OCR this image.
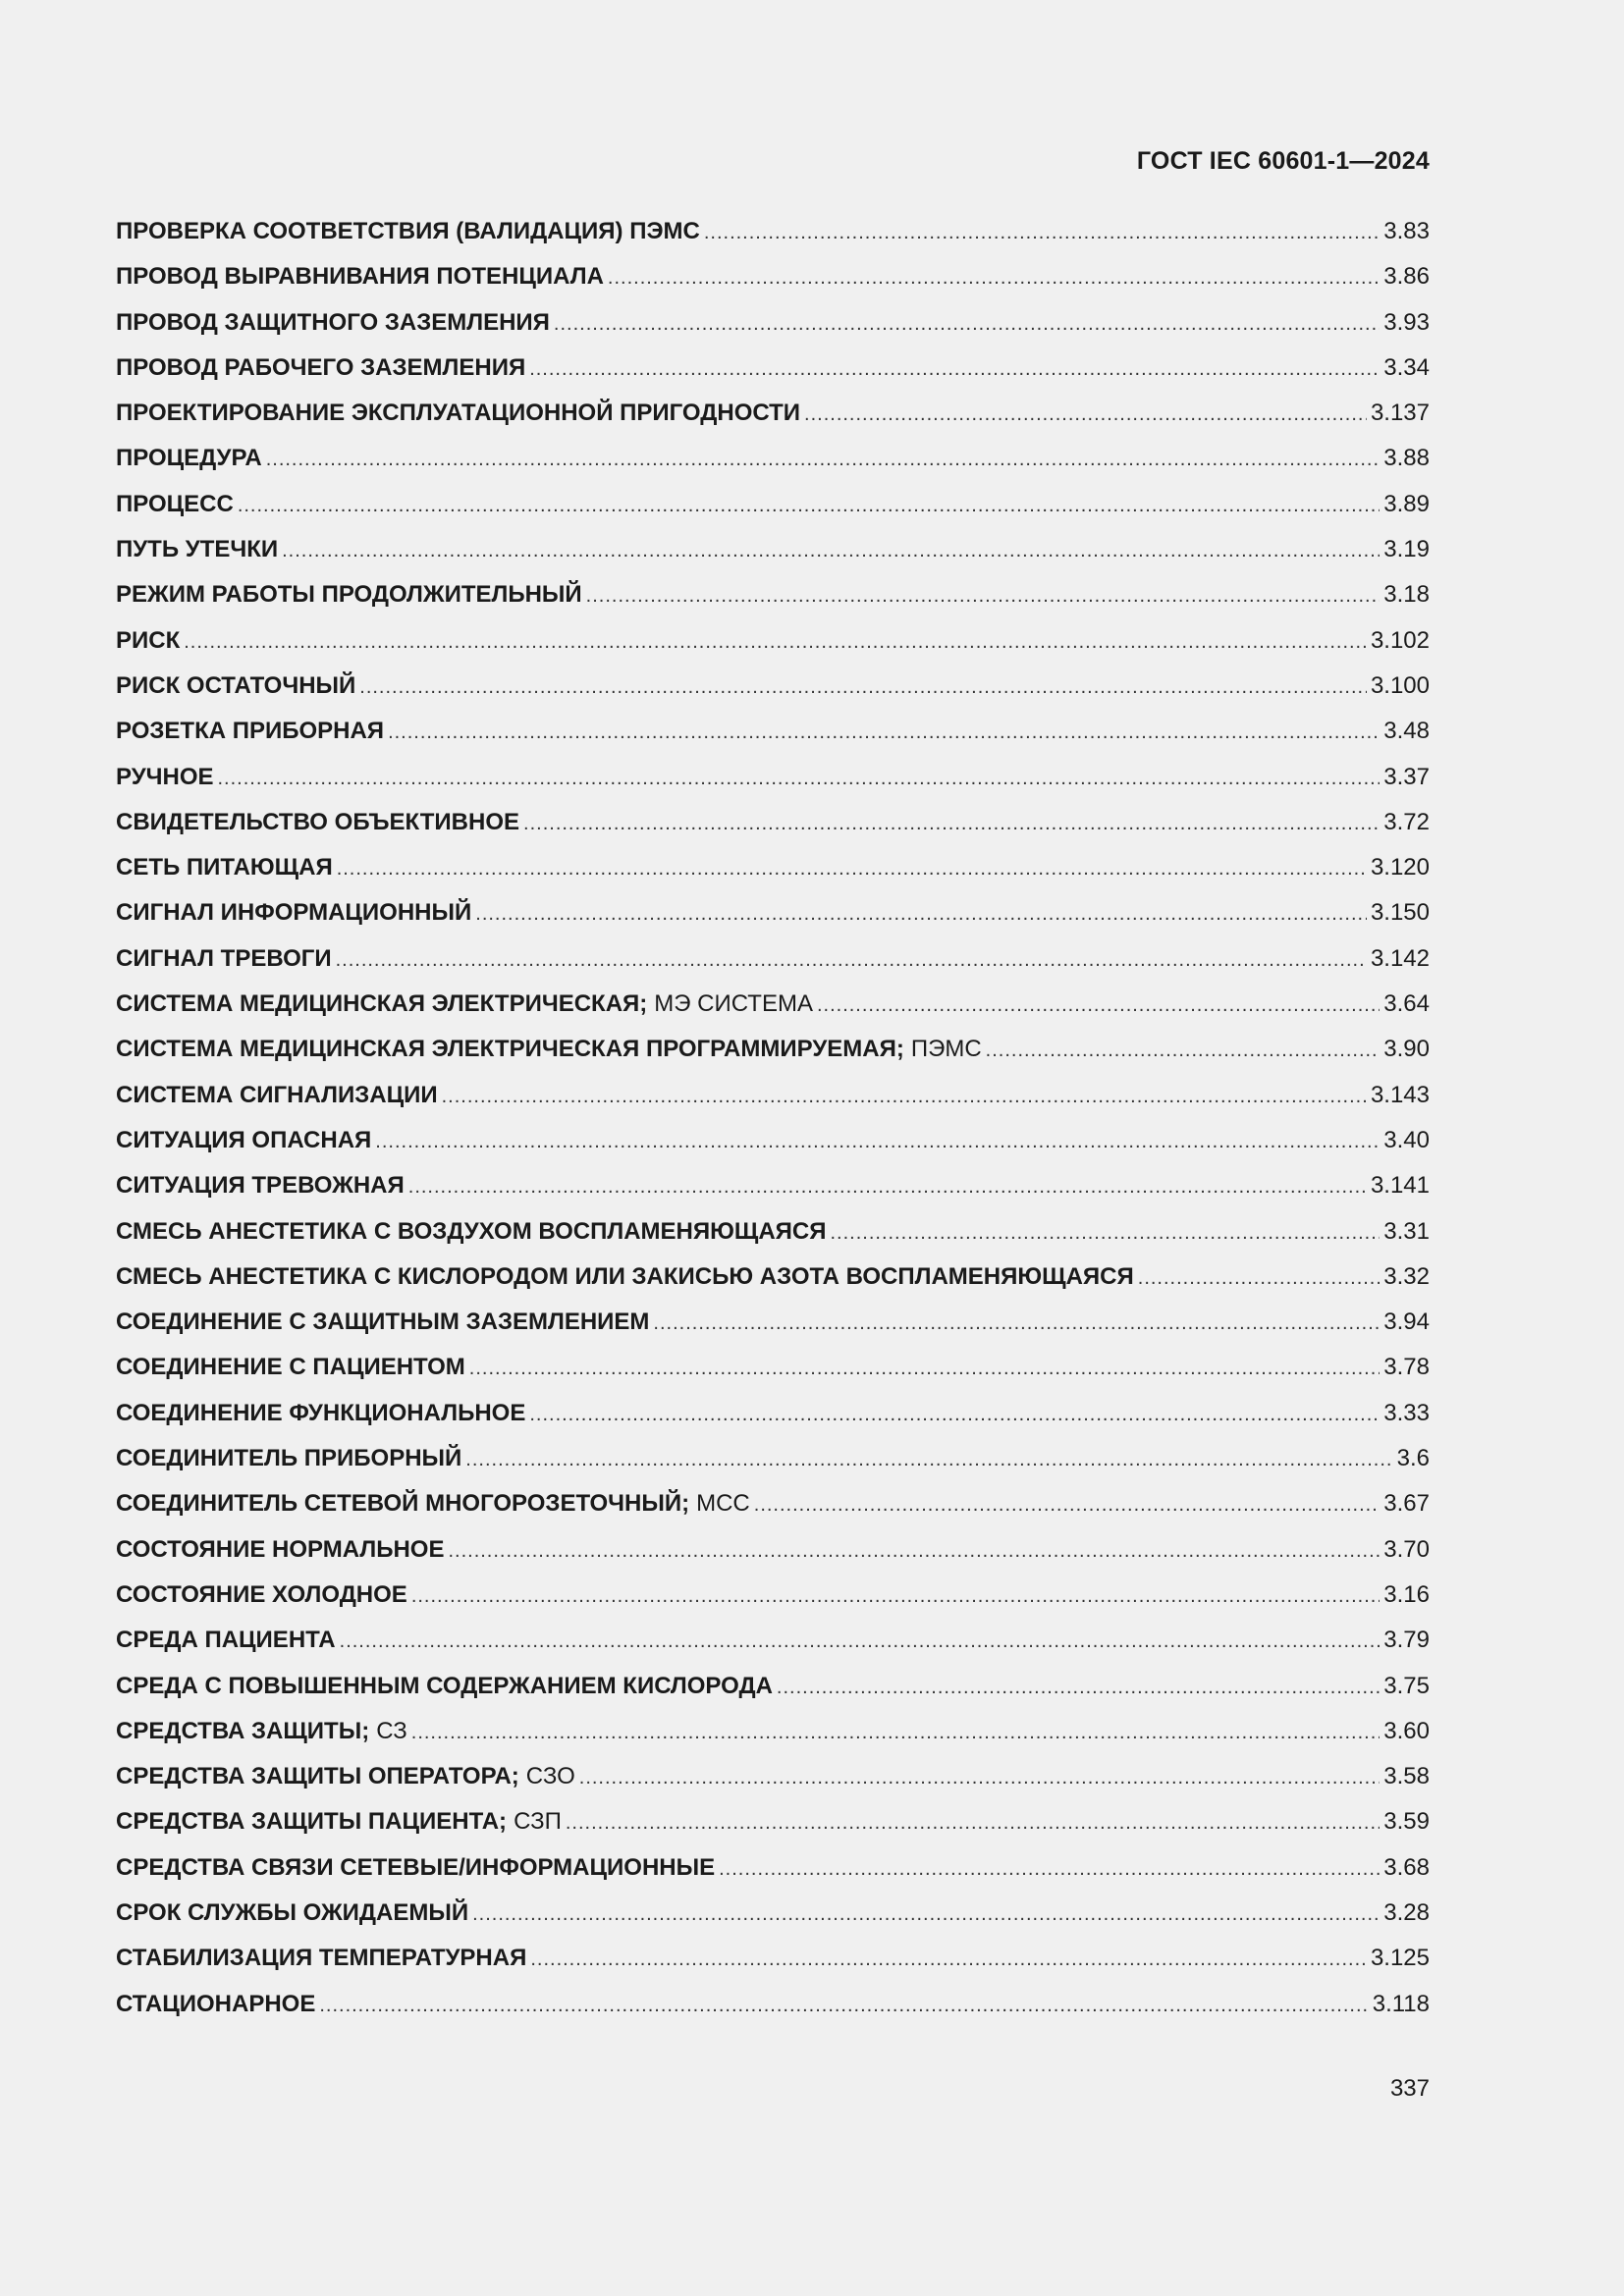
ГОСТ IEC 60601-1—2024
ПРОВЕРКА СООТВЕТСТВИЯ (ВАЛИДАЦИЯ) ПЭМС .....	3.83
ПРОВОД ВЫРАВНИВАНИЯ ПОТЕНЦИАЛА .....	3.86
ПРОВОД ЗАЩИТНОГО ЗАЗЕМЛЕНИЯ .....	3.93
ПРОВОД РАБОЧЕГО ЗАЗЕМЛЕНИЯ .....	3.34
ПРОЕКТИРОВАНИЕ ЭКСПЛУАТАЦИОННОЙ ПРИГОДНОСТИ .....	3.137
ПРОЦЕДУРА .....	3.88
ПРОЦЕСС .....	3.89
ПУТЬ УТЕЧКИ .....	3.19
РЕЖИМ РАБОТЫ ПРОДОЛЖИТЕЛЬНЫЙ .....	3.18
РИСК .....	3.102
РИСК ОСТАТОЧНЫЙ .....	3.100
РОЗЕТКА ПРИБОРНАЯ .....	3.48
РУЧНОЕ .....	3.37
СВИДЕТЕЛЬСТВО ОБЪЕКТИВНОЕ .....	3.72
СЕТЬ ПИТАЮЩАЯ .....	3.120
СИГНАЛ ИНФОРМАЦИОННЫЙ .....	3.150
СИГНАЛ ТРЕВОГИ .....	3.142
СИСТЕМА МЕДИЦИНСКАЯ ЭЛЕКТРИЧЕСКАЯ; МЭ СИСТЕМА .....	3.64
СИСТЕМА МЕДИЦИНСКАЯ ЭЛЕКТРИЧЕСКАЯ ПРОГРАММИРУЕМАЯ; ПЭМС .....	3.90
СИСТЕМА СИГНАЛИЗАЦИИ .....	3.143
СИТУАЦИЯ ОПАСНАЯ .....	3.40
СИТУАЦИЯ ТРЕВОЖНАЯ .....	3.141
СМЕСЬ АНЕСТЕТИКА С ВОЗДУХОМ ВОСПЛАМЕНЯЮЩАЯСЯ .....	3.31
СМЕСЬ АНЕСТЕТИКА С КИСЛОРОДОМ ИЛИ ЗАКИСЬЮ АЗОТА ВОСПЛАМЕНЯЮЩАЯСЯ .....	3.32
СОЕДИНЕНИЕ С ЗАЩИТНЫМ ЗАЗЕМЛЕНИЕМ .....	3.94
СОЕДИНЕНИЕ С ПАЦИЕНТОМ .....	3.78
СОЕДИНЕНИЕ ФУНКЦИОНАЛЬНОЕ .....	3.33
СОЕДИНИТЕЛЬ ПРИБОРНЫЙ .....	3.6
СОЕДИНИТЕЛЬ СЕТЕВОЙ МНОГОРОЗЕТОЧНЫЙ; МСС .....	3.67
СОСТОЯНИЕ НОРМАЛЬНОЕ .....	3.70
СОСТОЯНИЕ ХОЛОДНОЕ .....	3.16
СРЕДА ПАЦИЕНТА .....	3.79
СРЕДА С ПОВЫШЕННЫМ СОДЕРЖАНИЕМ КИСЛОРОДА .....	3.75
СРЕДСТВА ЗАЩИТЫ; СЗ .....	3.60
СРЕДСТВА ЗАЩИТЫ ОПЕРАТОРА; СЗО .....	3.58
СРЕДСТВА ЗАЩИТЫ ПАЦИЕНТА; СЗП .....	3.59
СРЕДСТВА СВЯЗИ СЕТЕВЫЕ/ИНФОРМАЦИОННЫЕ .....	3.68
СРОК СЛУЖБЫ ОЖИДАЕМЫЙ .....	3.28
СТАБИЛИЗАЦИЯ ТЕМПЕРАТУРНАЯ .....	3.125
СТАЦИОНАРНОЕ .....	3.118
337
